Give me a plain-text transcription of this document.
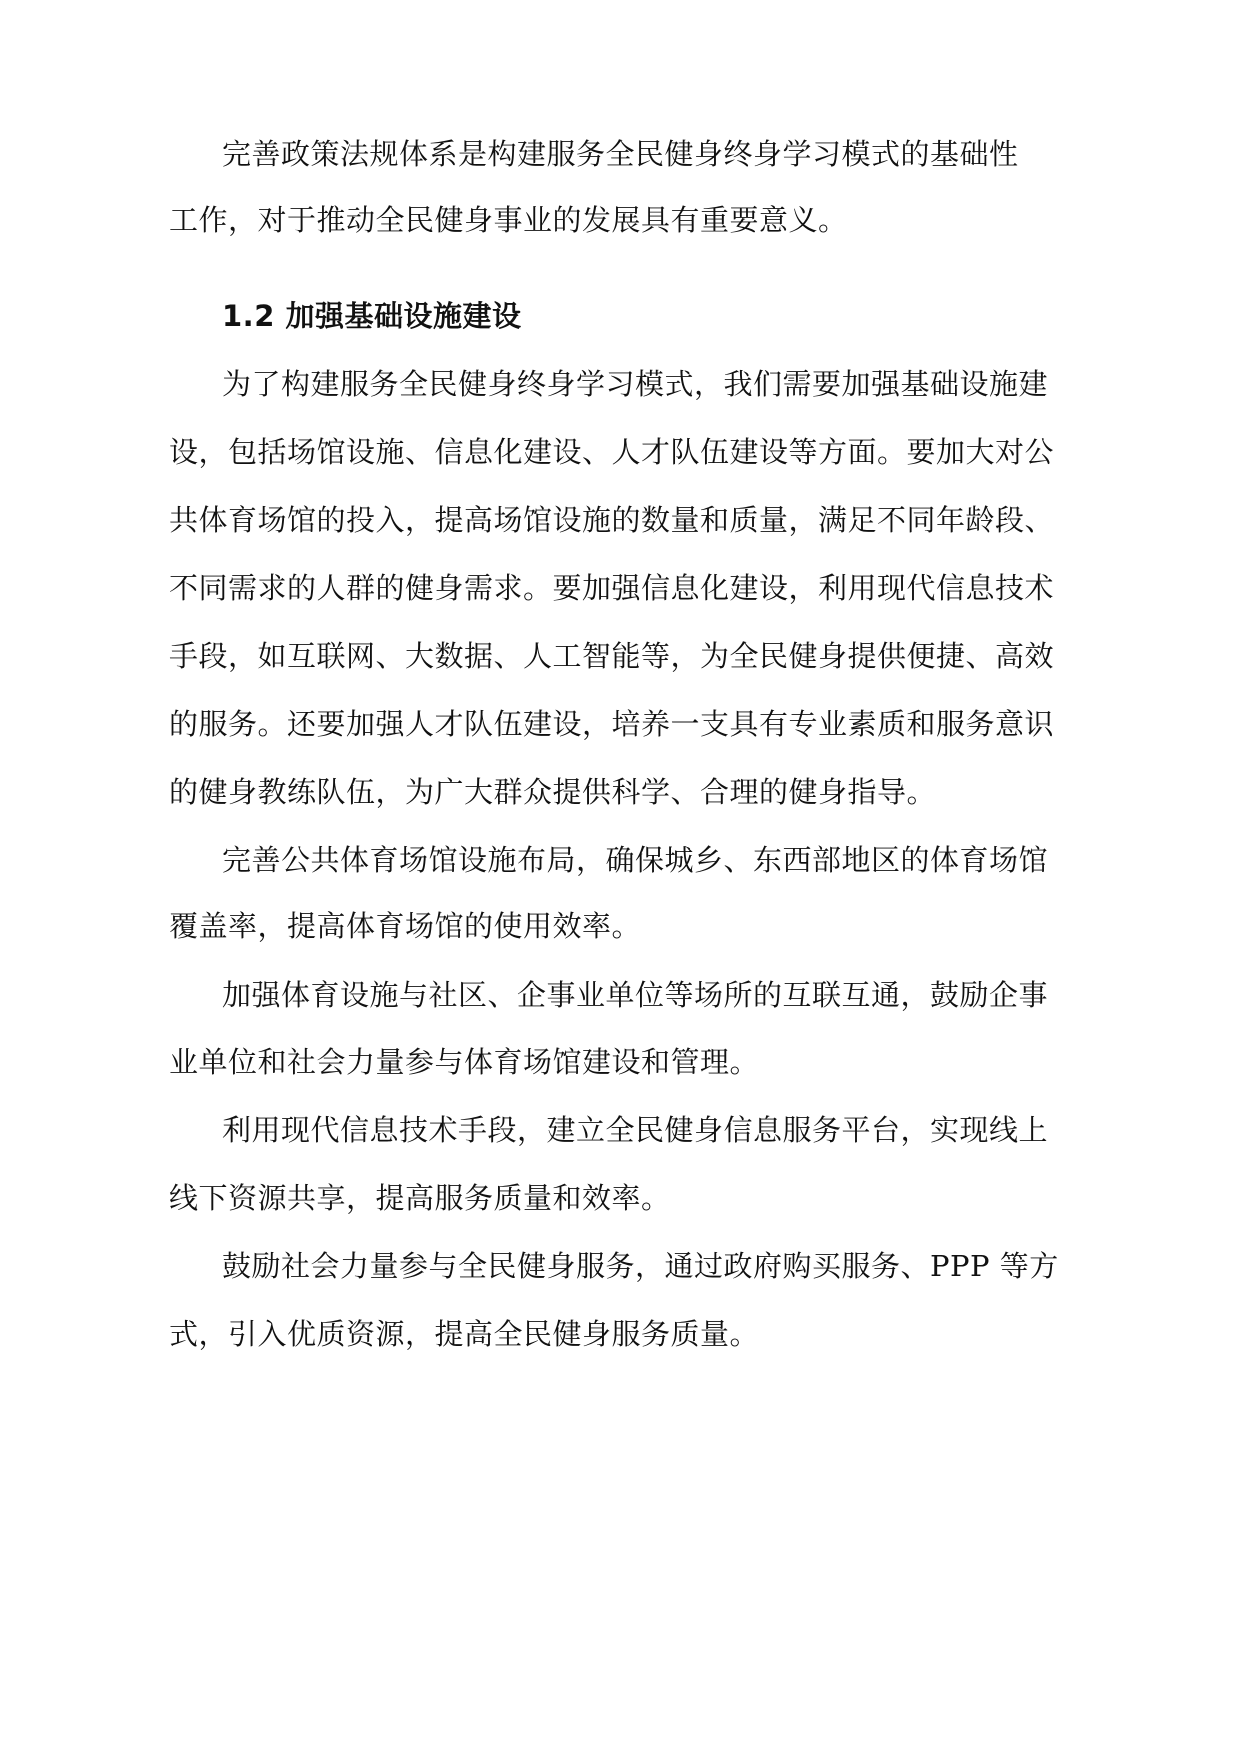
完善政策法规体系是构建服务全民健身终身学习模式的基础性
工作，对于推动全民健身事业的发展具有重要意义。
1.2 加强基础设施建设
为了构建服务全民健身终身学习模式，我们需要加强基础设施建
设，包括场馆设施、信息化建设、人才队伍建设等方面。要加大对公
共体育场馆的投入，提高场馆设施的数量和质量，满足不同年龄段、
不同需求的人群的健身需求。要加强信息化建设，利用现代信息技术
手段，如互联网、大数据、人工智能等，为全民健身提供便捷、高效
的服务。还要加强人才队伍建设，培养一支具有专业素质和服务意识
的健身教练队伍，为广大群众提供科学、合理的健身指导。
完善公共体育场馆设施布局，确保城乡、东西部地区的体育场馆
覆盖率，提高体育场馆的使用效率。
加强体育设施与社区、企事业单位等场所的互联互通，鼓励企事
业单位和社会力量参与体育场馆建设和管理。
利用现代信息技术手段，建立全民健身信息服务平台，实现线上
线下资源共享，提高服务质量和效率。
鼓励社会力量参与全民健身服务，通过政府购买服务、PPP 等方
式，引入优质资源，提高全民健身服务质量。
